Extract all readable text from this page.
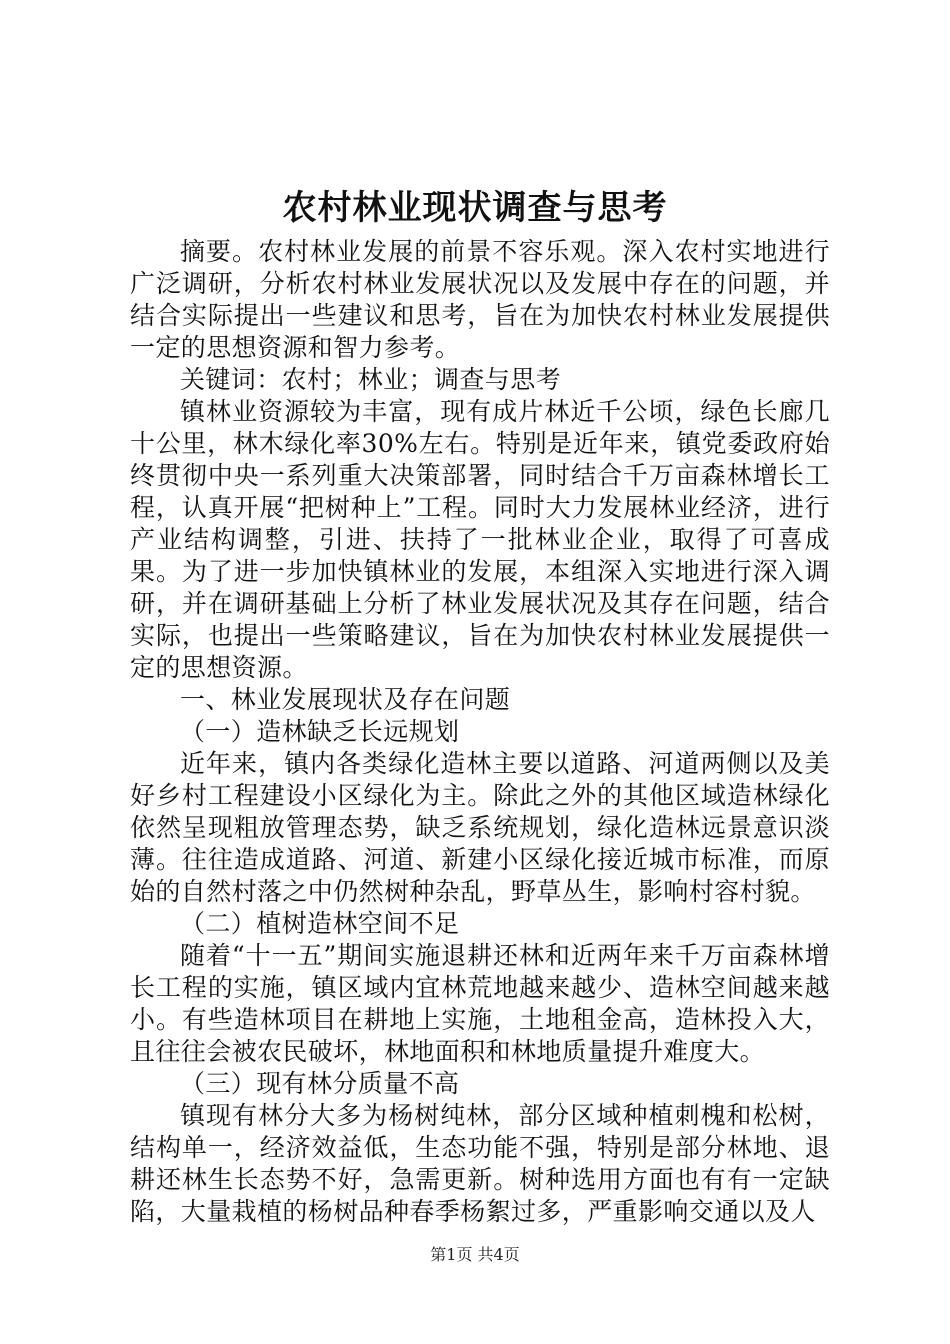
农村林业现状调查与思考

摘要。农村林业发展的前景不容乐观。深入农村实地进行广泛调研，分析农村林业发展状况以及发展中存在的问题，并结合实际提出一些建议和思考，旨在为加快农村林业发展提供一定的思想资源和智力参考。

关键词：农村；林业；调查与思考

镇林业资源较为丰富，现有成片林近千公顷，绿色长廊几十公里，林木绿化率30%左右。特别是近年来，镇党委政府始终贯彻中央一系列重大决策部署，同时结合千万亩森林增长工程，认真开展“把树种上”工程。同时大力发展林业经济，进行产业结构调整，引进、扶持了一批林业企业，取得了可喜成果。为了进一步加快镇林业的发展，本组深入实地进行深入调研，并在调研基础上分析了林业发展状况及其存在问题，结合实际，也提出一些策略建议，旨在为加快农村林业发展提供一定的思想资源。

一、林业发展现状及存在问题

（一）造林缺乏长远规划

近年来，镇内各类绿化造林主要以道路、河道两侧以及美好乡村工程建设小区绿化为主。除此之外的其他区域造林绿化依然呈现粗放管理态势，缺乏系统规划，绿化造林远景意识淡薄。往往造成道路、河道、新建小区绿化接近城市标准，而原始的自然村落之中仍然树种杂乱，野草丛生，影响村容村貌。

（二）植树造林空间不足

随着“十一五”期间实施退耕还林和近两年来千万亩森林增长工程的实施，镇区域内宜林荒地越来越少、造林空间越来越小。有些造林项目在耕地上实施，土地租金高，造林投入大，且往往会被农民破坏，林地面积和林地质量提升难度大。

（三）现有林分质量不高

镇现有林分大多为杨树纯林，部分区域种植刺槐和松树，结构单一，经济效益低，生态功能不强，特别是部分林地、退耕还林生长态势不好，急需更新。树种选用方面也有有一定缺陷，大量栽植的杨树品种春季杨絮过多，严重影响交通以及人

第1页 共4页
